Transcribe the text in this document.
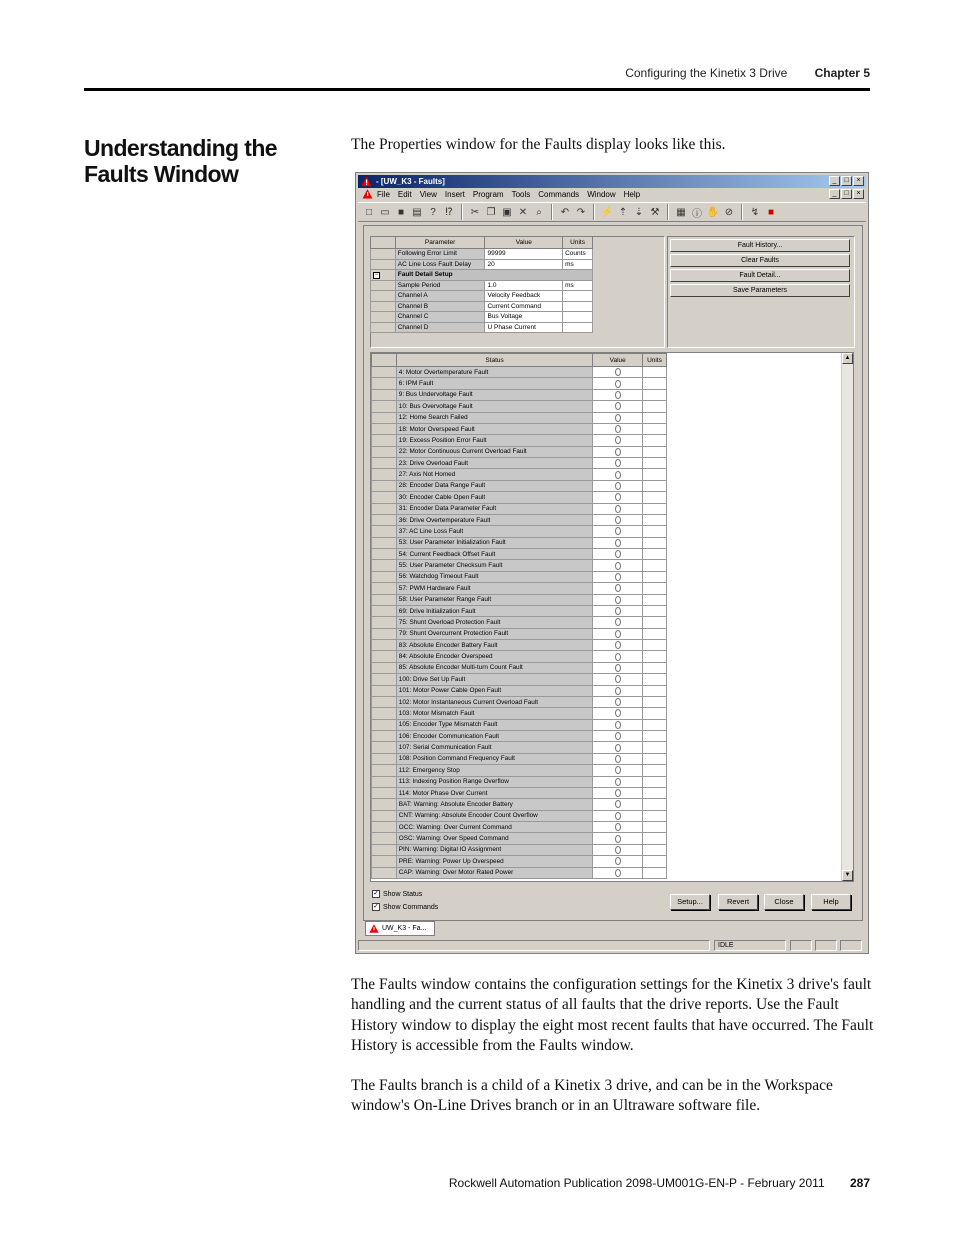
Configuring the Kinetix 3 Drive Chapter 5
Understanding the Faults Window
The Properties window for the Faults display looks like this.
- [UW_K3 - Faults]	_	□	×
File Edit View Insert Program Tools Commands Window Help	_	□	×
□ ▭ ■ ▤ ? ⁉	✂ ❐ ▣ ✕ ⌕	↶ ↷ ⚡ ⇡ ⇣ ⚒ ▦ ⓘ ✋ ⊘ ↯ ■
	Parameter	Value	Units
	Following Error Limit	99999	Counts
	AC Line Loss Fault Delay	20	ms
−	Fault Detail Setup		
	Sample Period	1.0	ms
	Channel A	Velocity Feedback	
	Channel B	Current Command	
	Channel C	Bus Voltage	
	Channel D	U Phase Current	
Fault History...
Clear Faults
Fault Detail...
Save Parameters
	Status	Value	Units
	4: Motor Overtemperature Fault		
	6: IPM Fault		
	9: Bus Undervoltage Fault		
	10: Bus Overvoltage Fault		
	12: Home Search Failed		
	18: Motor Overspeed Fault		
	19: Excess Position Error Fault		
	22: Motor Continuous Current Overload Fault		
	23: Drive Overload Fault		
	27: Axis Not Homed		
	28: Encoder Data Range Fault		
	30: Encoder Cable Open Fault		
	31: Encoder Data Parameter Fault		
	36: Drive Overtemperature Fault		
	37: AC Line Loss Fault		
	53: User Parameter Initialization Fault		
	54: Current Feedback Offset Fault		
	55: User Parameter Checksum Fault		
	56: Watchdog Timeout Fault		
	57: PWM Hardware Fault		
	58: User Parameter Range Fault		
	69: Drive Initialization Fault		
	75: Shunt Overload Protection Fault		
	79: Shunt Overcurrent Protection Fault		
	83: Absolute Encoder Battery Fault		
	84: Absolute Encoder Overspeed		
	85: Absolute Encoder Multi-turn Count Fault		
	100: Drive Set Up Fault		
	101: Motor Power Cable Open Fault		
	102: Motor Instantaneous Current Overload Fault		
	103: Motor Mismatch Fault		
	105: Encoder Type Mismatch Fault		
	106: Encoder Communication Fault		
	107: Serial Communication Fault		
	108: Position Command Frequency Fault		
	112: Emergency Stop		
	113: Indexing Position Range Overflow		
	114: Motor Phase Over Current		
	BAT: Warning: Absolute Encoder Battery		
	CNT: Warning: Absolute Encoder Count Overflow		
	OCC: Warning: Over Current Command		
	OSC: Warning: Over Speed Command		
	PIN: Warning: Digital IO Assignment		
	PRE: Warning: Power Up Overspeed		
	CAP: Warning: Over Motor Rated Power		
▲
▼
✓ Show Status
✓ Show Commands
Setup...	Revert	Close	Help
UW_K3 - Fa...
IDLE
The Faults window contains the configuration settings for the Kinetix 3 drive's fault handling and the current status of all faults that the drive reports. Use the Fault History window to display the eight most recent faults that have occurred. The Fault History is accessible from the Faults window.
The Faults branch is a child of a Kinetix 3 drive, and can be in the Workspace window's On-Line Drives branch or in an Ultraware software file.
Rockwell Automation Publication 2098-UM001G-EN-P - February 2011 287
